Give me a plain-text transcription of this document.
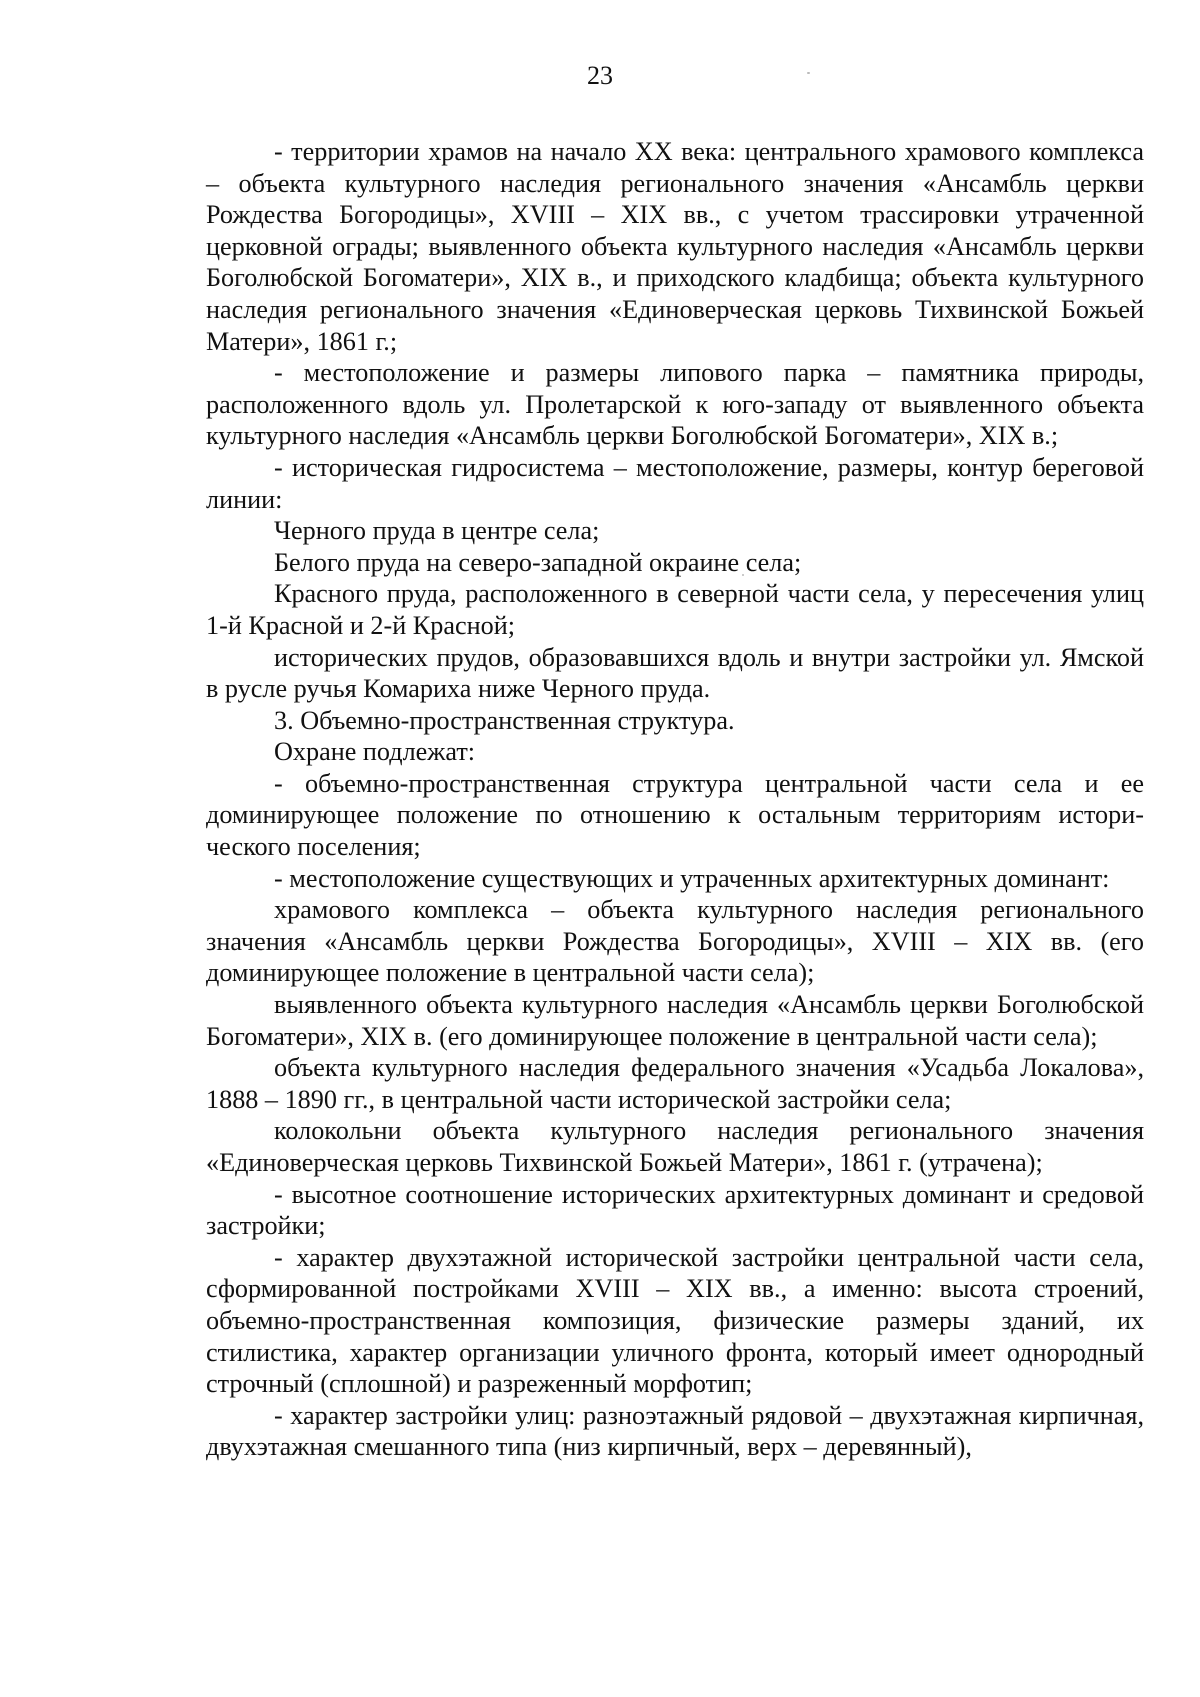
23

- территории храмов на начало XX века: центрального храмового комплекса – объекта культурного наследия регионального значения «Ансамбль церкви Рождества Богородицы», XVIII – XIX вв., с учетом трассировки утраченной церковной ограды; выявленного объекта культурного наследия «Ансамбль церкви Боголюбской Богоматери», XIX в., и приходского кладбища; объекта культурного наследия регионального значения «Единоверческая церковь Тихвинской Божьей Матери», 1861 г.;

- местоположение и размеры липового парка – памятника природы, расположенного вдоль ул. Пролетарской к юго-западу от выявленного объекта культурного наследия «Ансамбль церкви Боголюбской Богоматери», XIX в.;

- историческая гидросистема – местоположение, размеры, контур береговой линии:

Черного пруда в центре села;

Белого пруда на северо-западной окраине села;

Красного пруда, расположенного в северной части села, у пересечения улиц 1-й Красной и 2-й Красной;

исторических прудов, образовавшихся вдоль и внутри застройки ул. Ямской в русле ручья Комариха ниже Черного пруда.

3. Объемно-пространственная структура.

Охране подлежат:

- объемно-пространственная структура центральной части села и ее доминирующее положение по отношению к остальным территориям исторического поселения;

- местоположение существующих и утраченных архитектурных доминант:

храмового комплекса – объекта культурного наследия регионального значения «Ансамбль церкви Рождества Богородицы», XVIII – XIX вв. (его доминирующее положение в центральной части села);

выявленного объекта культурного наследия «Ансамбль церкви Боголюбской Богоматери», XIX в. (его доминирующее положение в центральной части села);

объекта культурного наследия федерального значения «Усадьба Локалова», 1888 – 1890 гг., в центральной части исторической застройки села;

колокольни объекта культурного наследия регионального значения «Единоверческая церковь Тихвинской Божьей Матери», 1861 г. (утрачена);

- высотное соотношение исторических архитектурных доминант и средовой застройки;

- характер двухэтажной исторической застройки центральной части села, сформированной постройками XVIII – XIX вв., а именно: высота строений, объемно-пространственная композиция, физические размеры зданий, их стилистика, характер организации уличного фронта, который имеет однородный строчный (сплошной) и разреженный морфотип;

- характер застройки улиц: разноэтажный рядовой – двухэтажная кирпичная, двухэтажная смешанного типа (низ кирпичный, верх – деревянный),
